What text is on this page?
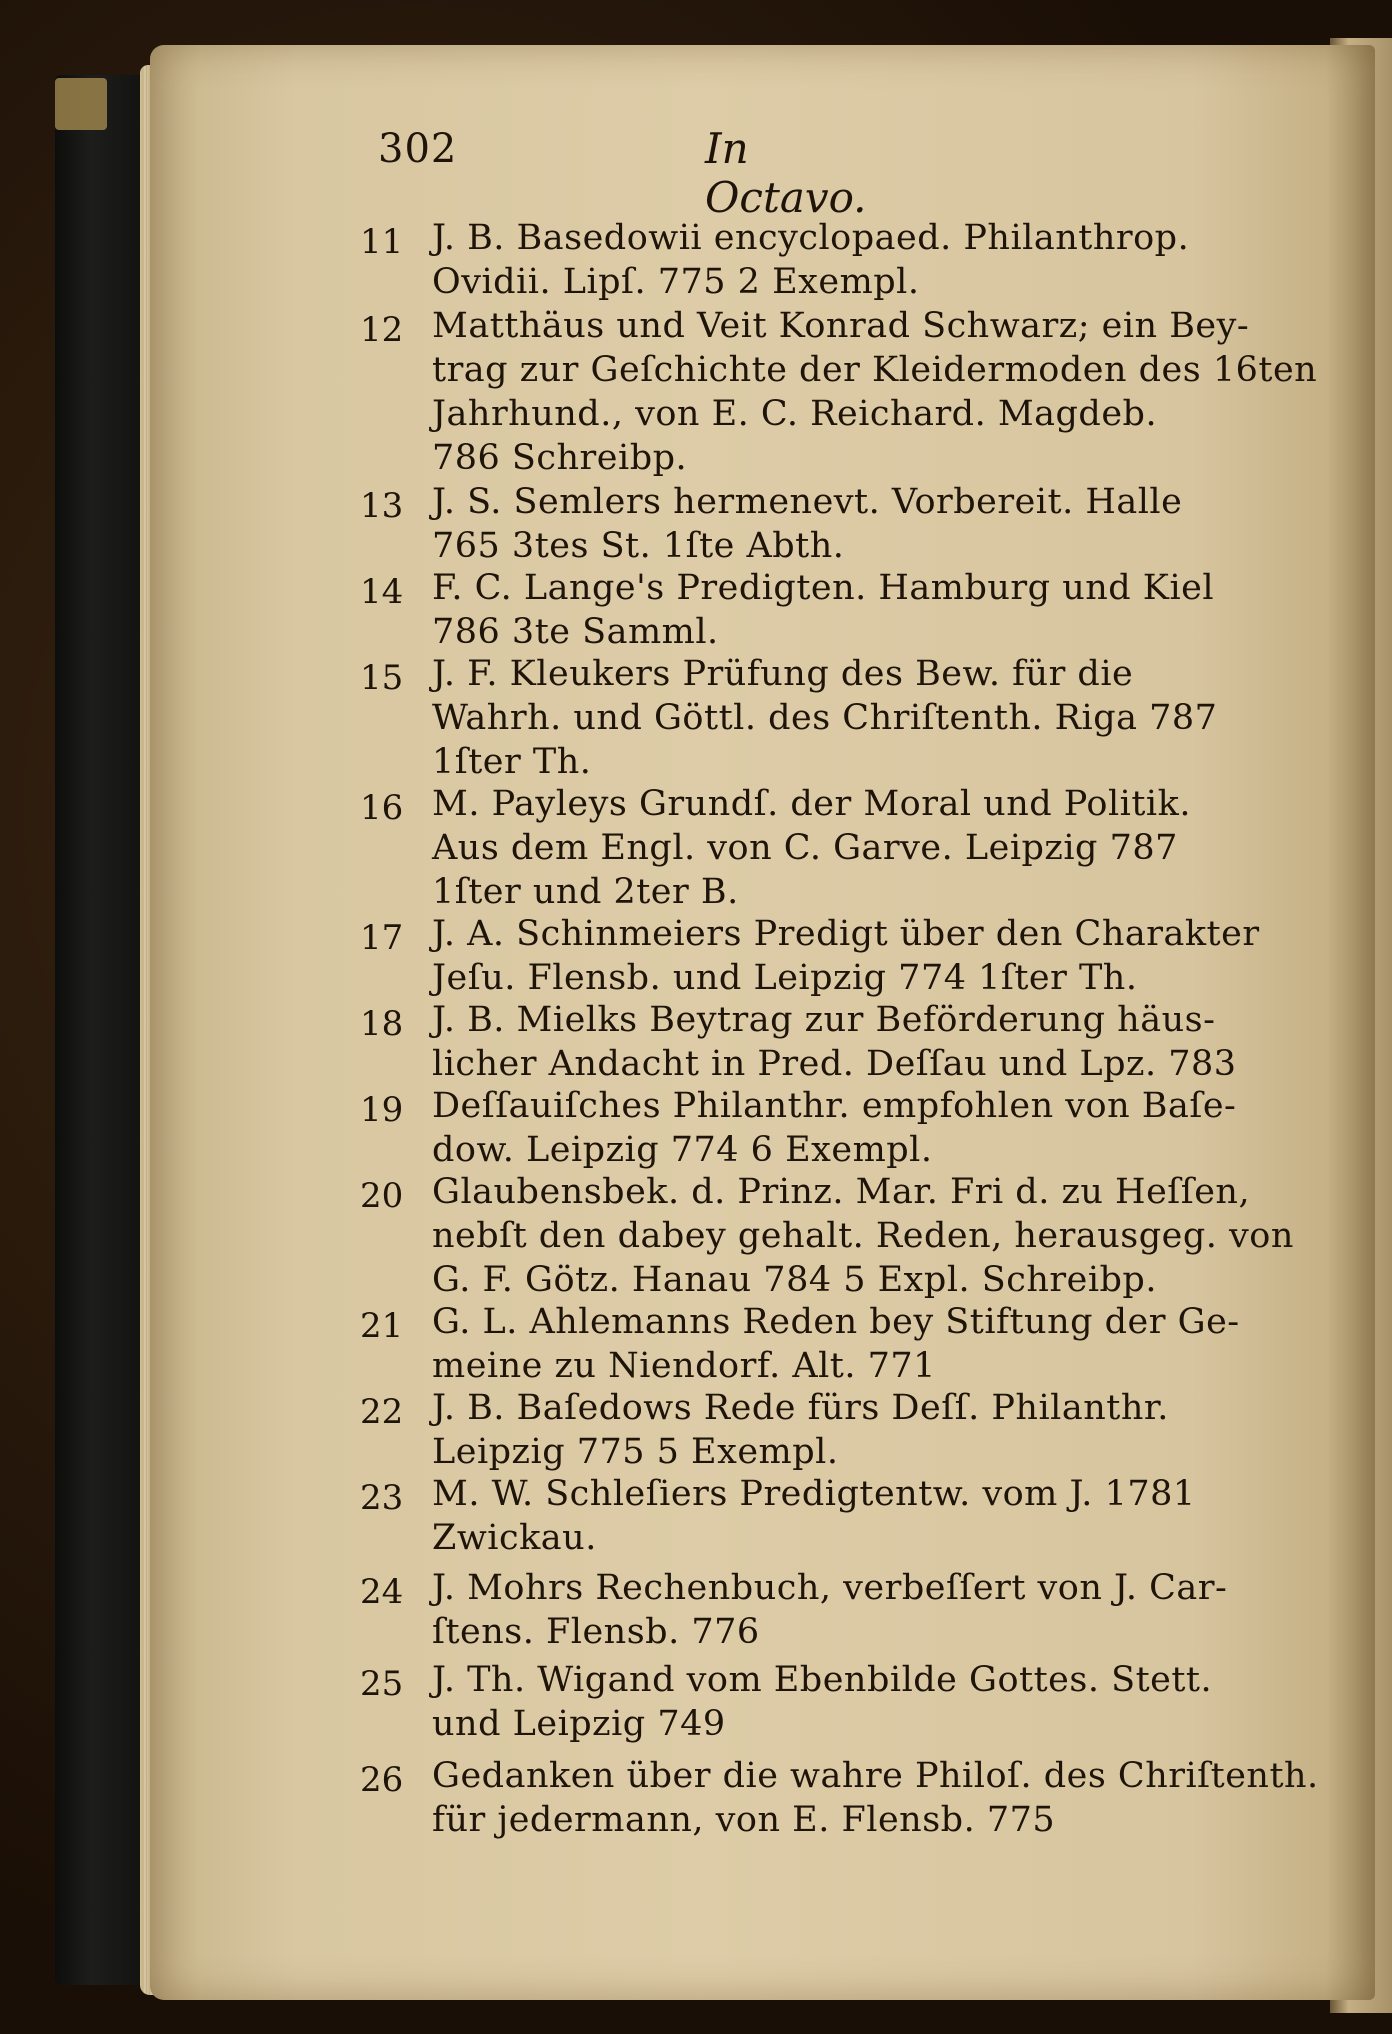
302	In Octavo.
11 J. B. Basedowii encyclopaed. Philanthrop.
Ovidii. Lipſ. 775 2 Exempl.
12 Matthäus und Veit Konrad Schwarz; ein Bey-
trag zur Geſchichte der Kleidermoden des 16ten
Jahrhund., von E. C. Reichard. Magdeb.
786 Schreibp.
13 J. S. Semlers hermenevt. Vorbereit. Halle
765 3tes St. 1ſte Abth.
14 F. C. Lange's Predigten. Hamburg und Kiel
786 3te Samml.
15 J. F. Kleukers Prüfung des Bew. für die
Wahrh. und Göttl. des Chriſtenth. Riga 787
1ſter Th.
16 M. Payleys Grundſ. der Moral und Politik.
Aus dem Engl. von C. Garve. Leipzig 787
1ſter und 2ter B.
17 J. A. Schinmeiers Predigt über den Charakter
Jeſu. Flensb. und Leipzig 774 1ſter Th.
18 J. B. Mielks Beytrag zur Beförderung häus-
licher Andacht in Pred. Deſſau und Lpz. 783
19 Deſſauiſches Philanthr. empfohlen von Baſe-
dow. Leipzig 774 6 Exempl.
20 Glaubensbek. d. Prinz. Mar. Fri d. zu Heſſen,
nebſt den dabey gehalt. Reden, herausgeg. von
G. F. Götz. Hanau 784 5 Expl. Schreibp.
21 G. L. Ahlemanns Reden bey Stiftung der Ge-
meine zu Niendorf. Alt. 771
22 J. B. Baſedows Rede fürs Deſſ. Philanthr.
Leipzig 775 5 Exempl.
23 M. W. Schleſiers Predigtentw. vom J. 1781
Zwickau.
24 J. Mohrs Rechenbuch, verbeſſert von J. Car-
ſtens. Flensb. 776
25 J. Th. Wigand vom Ebenbilde Gottes. Stett.
und Leipzig 749
26 Gedanken über die wahre Philoſ. des Chriſtenth.
für jedermann, von E. Flensb. 775
